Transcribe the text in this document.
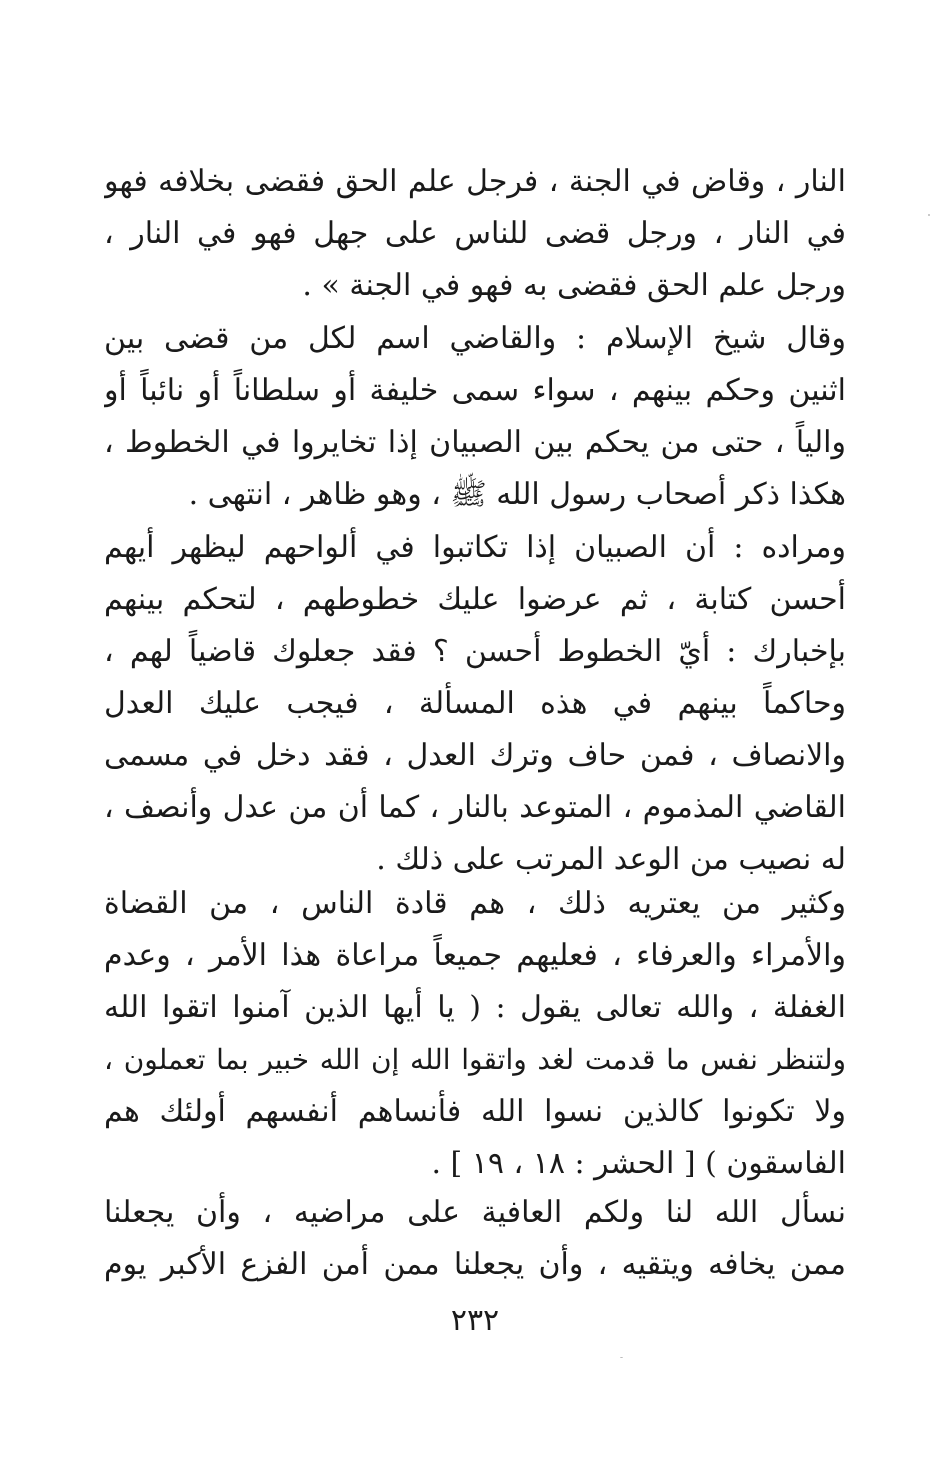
النار ، وقاض في الجنة ، فرجل علم الحق فقضى بخلافه فهو
في النار ، ورجل قضى للناس على جهل فهو في النار ،
ورجل علم الحق فقضى به فهو في الجنة » .

وقال شيخ الإسلام : والقاضي اسم لكل من قضى بين
اثنين وحكم بينهم ، سواء سمى خليفة أو سلطاناً أو نائباً أو
والياً ، حتى من يحكم بين الصبيان إذا تخايروا في الخطوط ،
هكذا ذكر أصحاب رسول الله ﷺ ، وهو ظاهر ، انتهى .

ومراده : أن الصبيان إذا تكاتبوا في ألواحهم ليظهر أيهم
أحسن كتابة ، ثم عرضوا عليك خطوطهم ، لتحكم بينهم
بإخبارك : أيّ الخطوط أحسن ؟ فقد جعلوك قاضياً لهم ،
وحاكماً بينهم في هذه المسألة ، فيجب عليك العدل
والانصاف ، فمن حاف وترك العدل ، فقد دخل في مسمى
القاضي المذموم ، المتوعد بالنار ، كما أن من عدل وأنصف ،
له نصيب من الوعد المرتب على ذلك .

وكثير من يعتريه ذلك ، هم قادة الناس ، من القضاة
والأمراء والعرفاء ، فعليهم جميعاً مراعاة هذا الأمر ، وعدم
الغفلة ، والله تعالى يقول : ( يا أيها الذين آمنوا اتقوا الله
ولتنظر نفس ما قدمت لغد واتقوا الله إن الله خبير بما تعملون ،
ولا تكونوا كالذين نسوا الله فأنساهم أنفسهم أولئك هم
الفاسقون ) [ الحشر : ١٨ ، ١٩ ] .

نسأل الله لنا ولكم العافية على مراضيه ، وأن يجعلنا
ممن يخافه ويتقيه ، وأن يجعلنا ممن أمن الفزع الأكبر يوم

٢٣٢
